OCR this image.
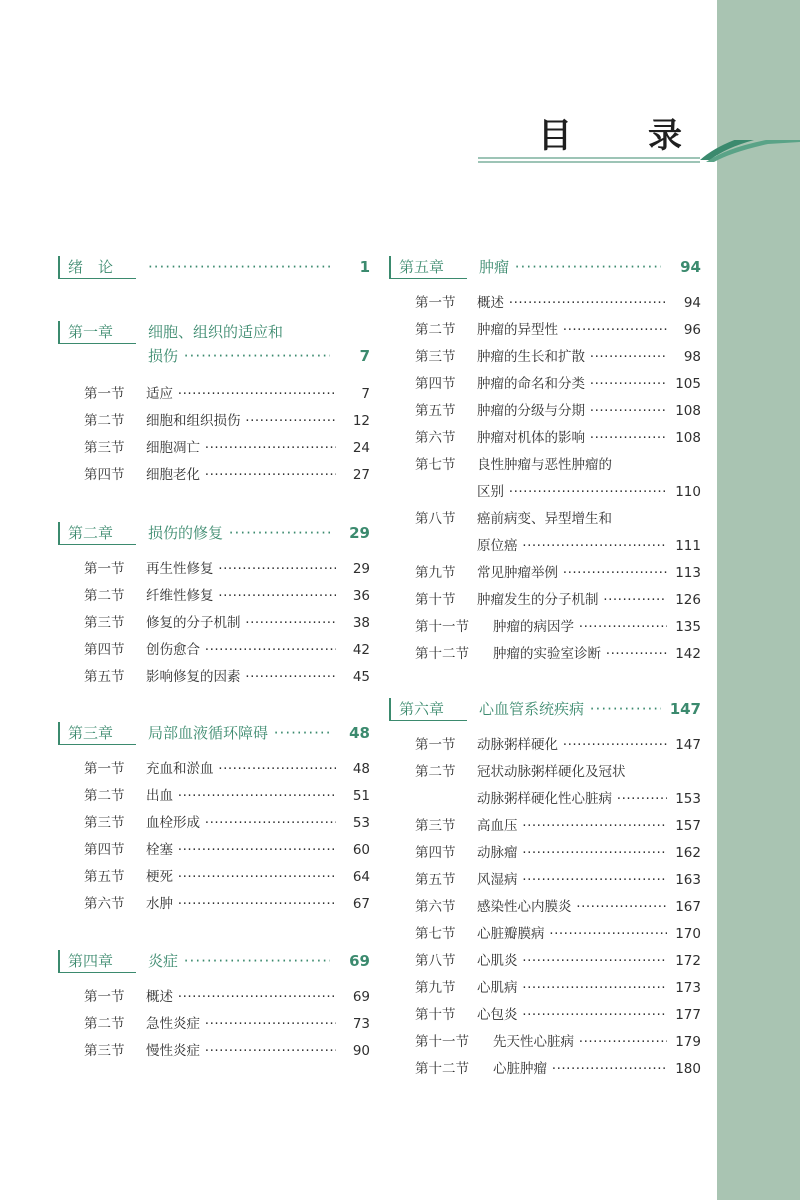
目 录
绪　论 ·····	1
第一章 细胞、组织的适应和
损伤 ·····	7
第一节 适应 ·····	7
第二节 细胞和组织损伤 ·····	12
第三节 细胞凋亡 ·····	24
第四节 细胞老化 ·····	27
第二章 损伤的修复 ·····	29
第一节 再生性修复 ·····	29
第二节 纤维性修复 ·····	36
第三节 修复的分子机制 ·····	38
第四节 创伤愈合 ·····	42
第五节 影响修复的因素 ·····	45
第三章 局部血液循环障碍 ·····	48
第一节 充血和淤血 ·····	48
第二节 出血 ·····	51
第三节 血栓形成 ·····	53
第四节 栓塞 ·····	60
第五节 梗死 ·····	64
第六节 水肿 ·····	67
第四章 炎症 ·····	69
第一节 概述 ·····	69
第二节 急性炎症 ·····	73
第三节 慢性炎症 ·····	90
第五章 肿瘤 ·····	94
第一节 概述 ·····	94
第二节 肿瘤的异型性 ·····	96
第三节 肿瘤的生长和扩散 ·····	98
第四节 肿瘤的命名和分类 ·····	105
第五节 肿瘤的分级与分期 ·····	108
第六节 肿瘤对机体的影响 ·····	108
第七节 良性肿瘤与恶性肿瘤的
区别 ·····	110
第八节 癌前病变、异型增生和
原位癌 ·····	111
第九节 常见肿瘤举例 ·····	113
第十节 肿瘤发生的分子机制 ·····	126
第十一节 肿瘤的病因学 ·····	135
第十二节 肿瘤的实验室诊断 ·····	142
第六章 心血管系统疾病 ·····	147
第一节 动脉粥样硬化 ·····	147
第二节 冠状动脉粥样硬化及冠状
动脉粥样硬化性心脏病 ·····	153
第三节 高血压 ·····	157
第四节 动脉瘤 ·····	162
第五节 风湿病 ·····	163
第六节 感染性心内膜炎 ·····	167
第七节 心脏瓣膜病 ·····	170
第八节 心肌炎 ·····	172
第九节 心肌病 ·····	173
第十节 心包炎 ·····	177
第十一节 先天性心脏病 ·····	179
第十二节 心脏肿瘤 ·····	180
